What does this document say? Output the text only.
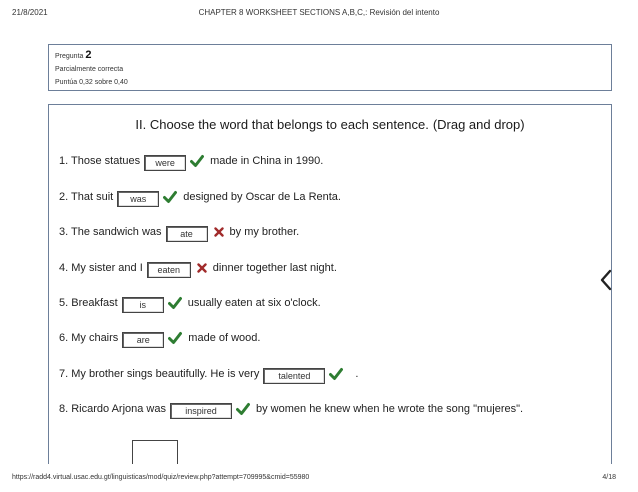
21/8/2021	CHAPTER 8 WORKSHEET SECTIONS A,B,C,: Revisión del intento
Pregunta 2
Parcialmente correcta
Puntúa 0,32 sobre 0,40
II. Choose the word that belongs to each sentence. (Drag and drop)
1. Those statues	were	made in China in 1990.
2. That suit	was	designed by Oscar de La Renta.
3. The sandwich was	ate	by my brother.
4. My sister and I	eaten	dinner together last night.
5. Breakfast	is	usually eaten at six o'clock.
6. My chairs	are	made of wood.
7. My brother sings beautifully. He is very	talented	.
8. Ricardo Arjona was	inspired	by women he knew when he wrote the song "mujeres".
https://radd4.virtual.usac.edu.gt/linguisticas/mod/quiz/review.php?attempt=709995&cmid=55980	4/18
